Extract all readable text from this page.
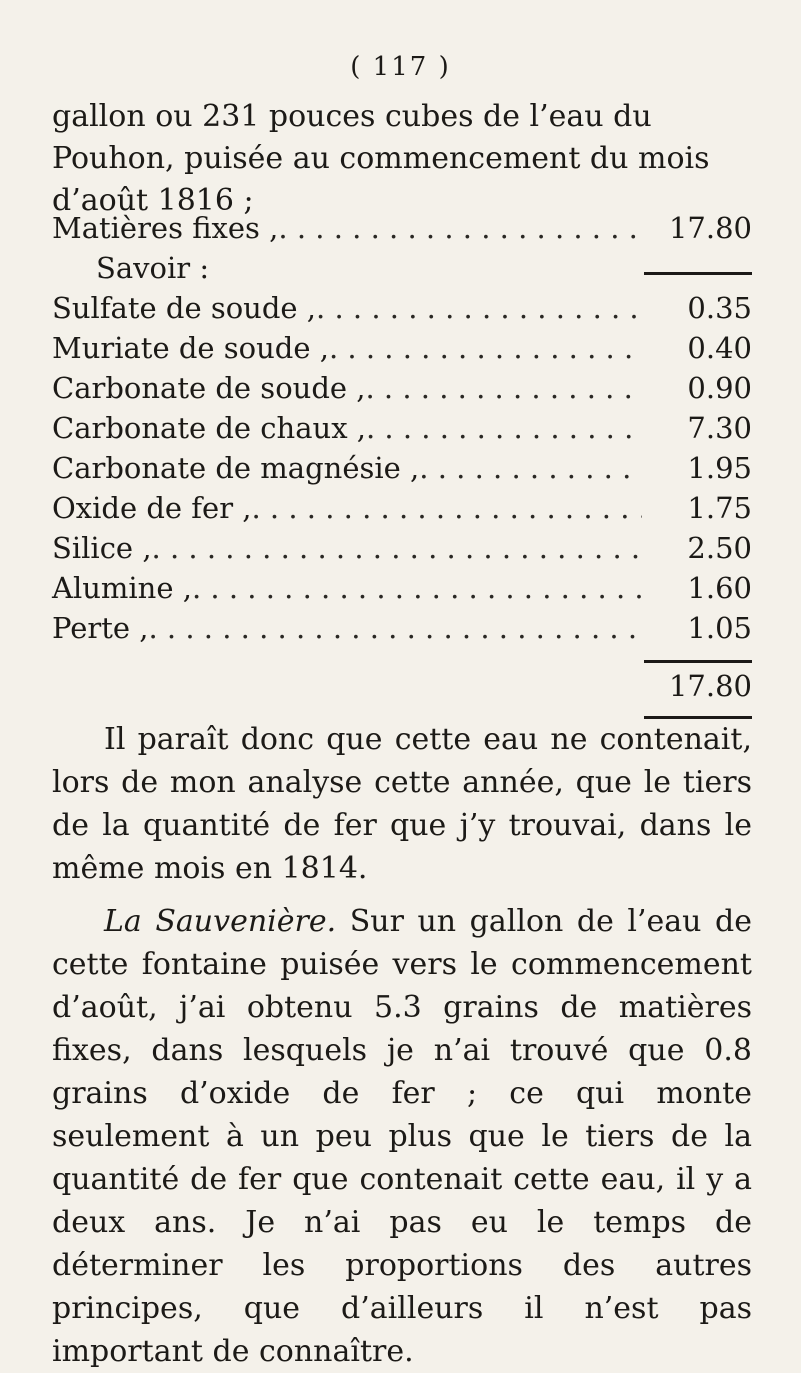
( 117 )

gallon ou 231 pouces cubes de l’eau du Pouhon, puisée au commencement du mois d’août 1816 ;

Matières fixes , . . .	17.80
Savoir :
Sulfate de soude , . . .	0.35
Muriate de soude , . . .	0.40
Carbonate de soude , . . .	0.90
Carbonate de chaux , . . .	7.30
Carbonate de magnésie , . . .	1.95
Oxide de fer , . . .	1.75
Silice , . . .	2.50
Alumine , . . .	1.60
Perte , . . .	1.05
17.80

Il paraît donc que cette eau ne contenait, lors de mon analyse cette année, que le tiers de la quantité de fer que j’y trouvai, dans le même mois en 1814.

La Sauvenière. Sur un gallon de l’eau de cette fontaine puisée vers le commencement d’août, j’ai obtenu 5.3 grains de matières fixes, dans lesquels je n’ai trouvé que 0.8 grains d’oxide de fer ; ce qui monte seulement à un peu plus que le tiers de la quantité de fer que contenait cette eau, il y a deux ans. Je n’ai pas eu le temps de déterminer les proportions des autres principes, que d’ailleurs il n’est pas important de connaître.
